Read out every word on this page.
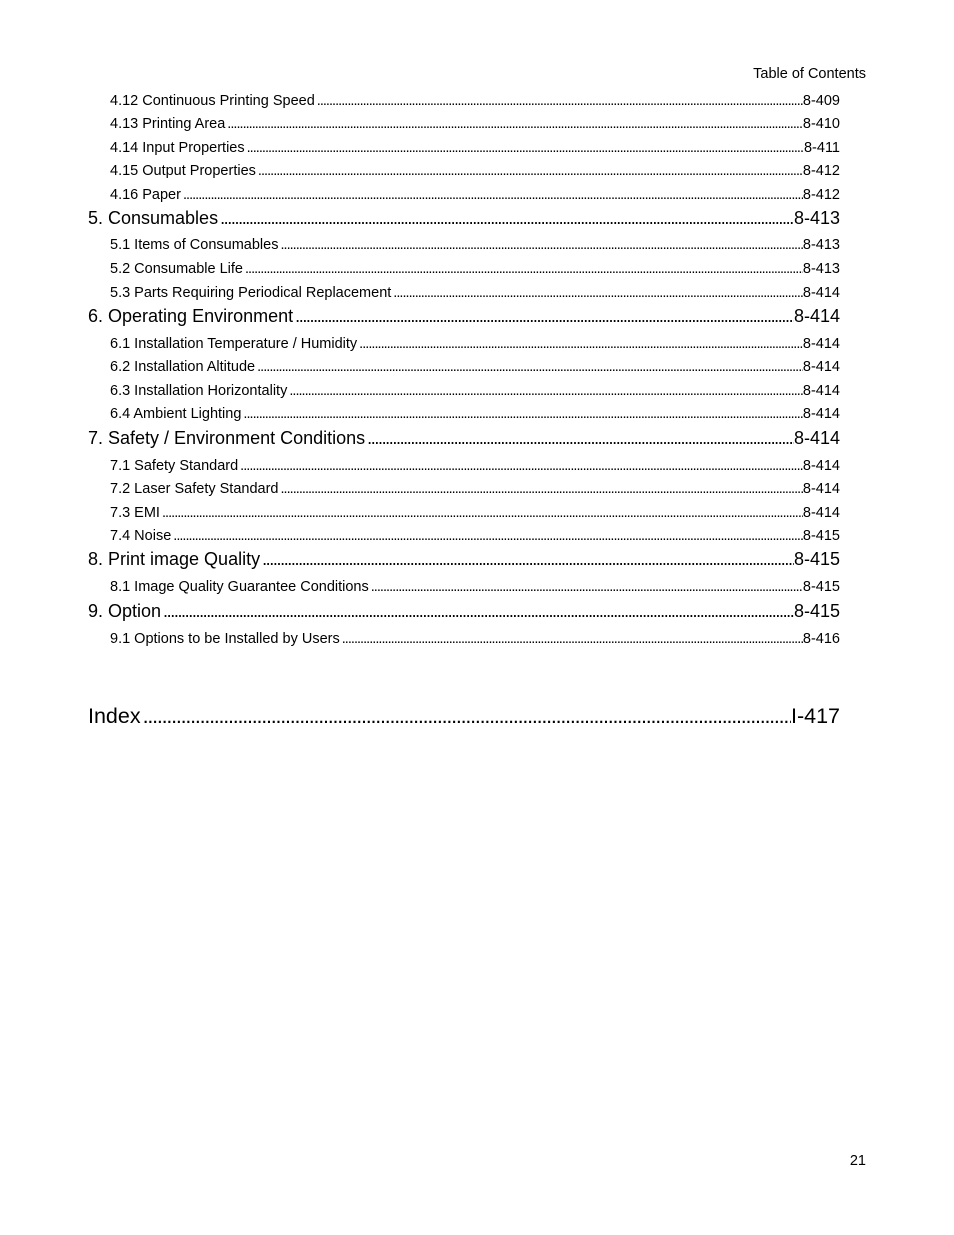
Table of Contents
4.12 Continuous Printing Speed . . .	8-409
4.13 Printing Area . . .	8-410
4.14 Input Properties . . .	8-411
4.15 Output Properties . . .	8-412
4.16 Paper . . .	8-412
5. Consumables . . .	8-413
5.1 Items of Consumables . . .	8-413
5.2 Consumable Life . . .	8-413
5.3 Parts Requiring Periodical Replacement . . .	8-414
6. Operating Environment . . .	8-414
6.1 Installation Temperature / Humidity . . .	8-414
6.2 Installation Altitude . . .	8-414
6.3 Installation Horizontality . . .	8-414
6.4 Ambient Lighting . . .	8-414
7. Safety / Environment Conditions . . .	8-414
7.1 Safety Standard . . .	8-414
7.2 Laser Safety Standard . . .	8-414
7.3 EMI . . .	8-414
7.4 Noise . . .	8-415
8. Print image Quality . . .	8-415
8.1 Image Quality Guarantee Conditions . . .	8-415
9. Option . . .	8-415
9.1 Options to be Installed by Users . . .	8-416
Index . . .	I-417
21
